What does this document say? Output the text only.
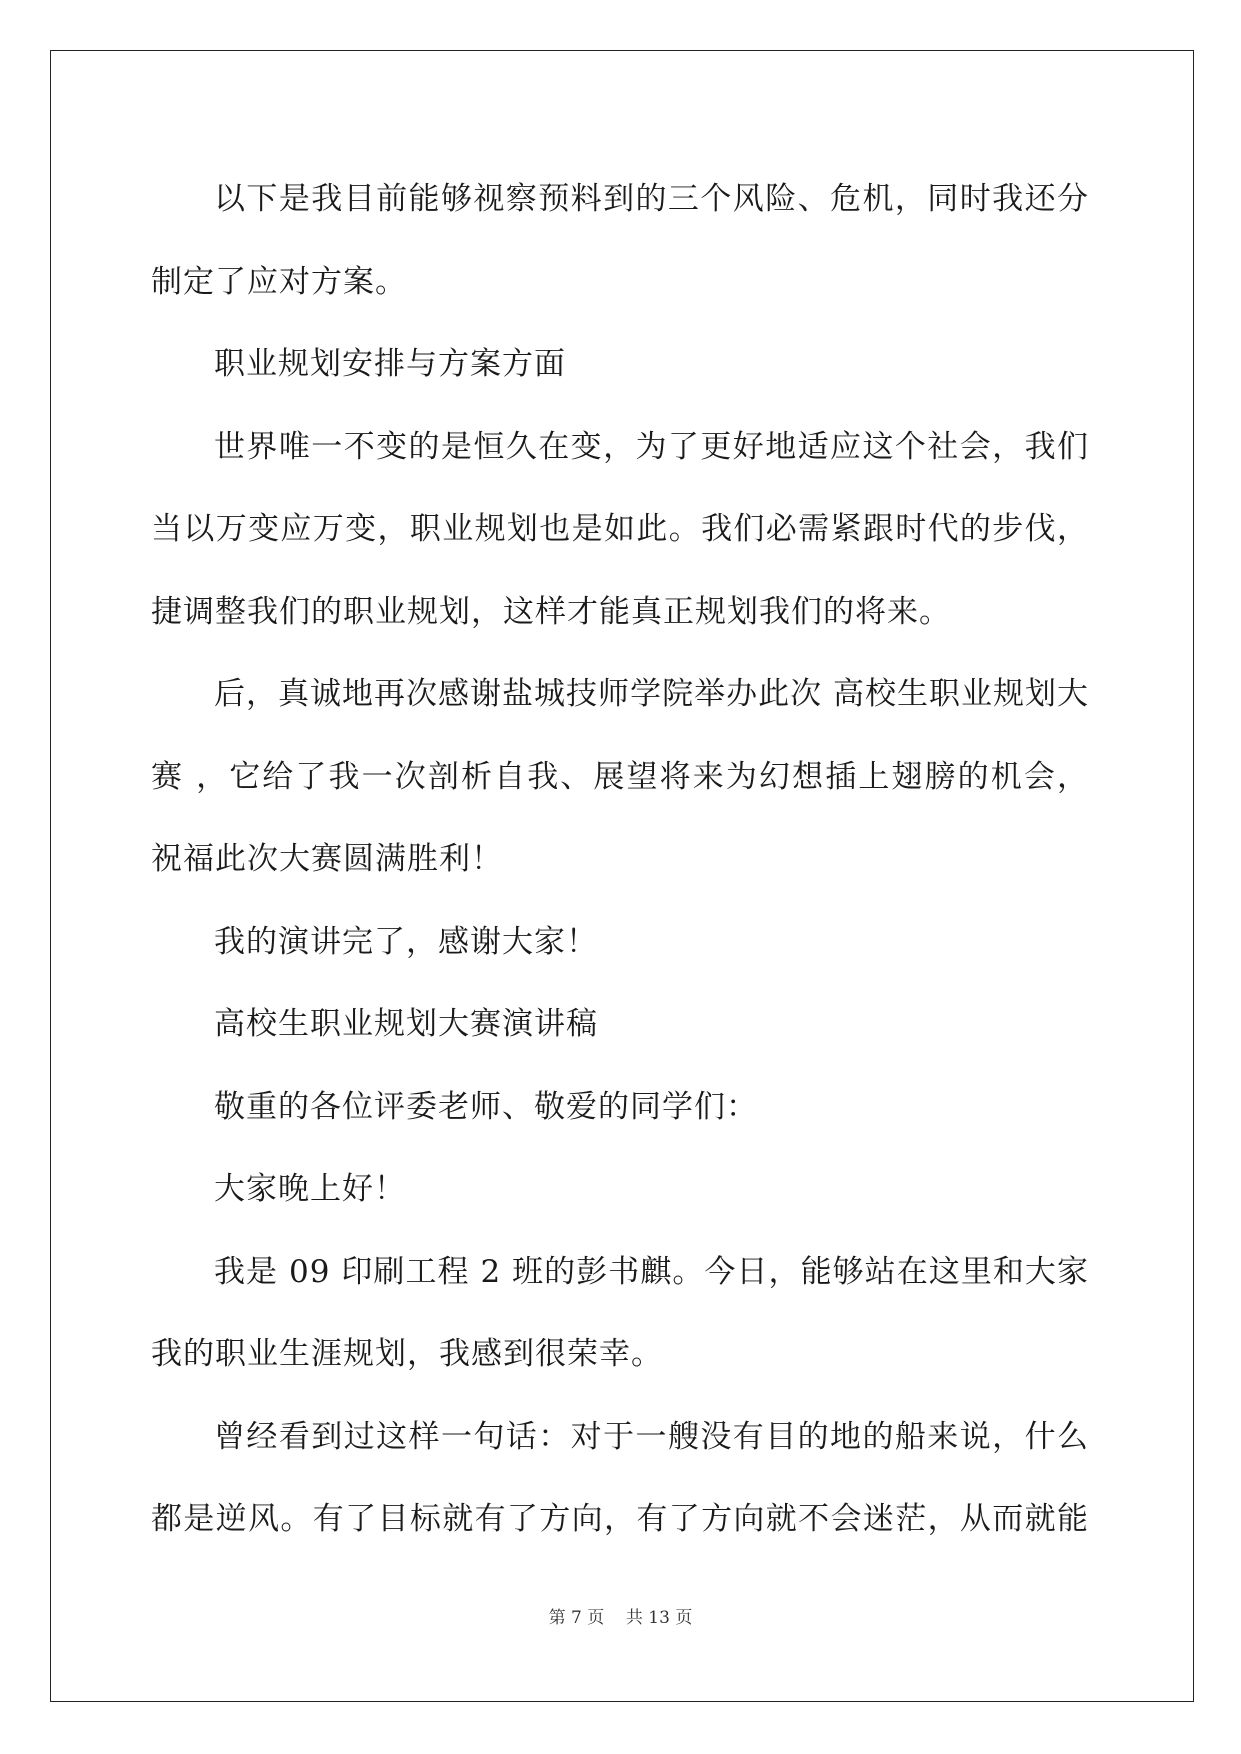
以下是我目前能够视察预料到的三个风险、危机，同时我还分
制定了应对方案。
职业规划安排与方案方面
世界唯一不变的是恒久在变，为了更好地适应这个社会，我们
当以万变应万变，职业规划也是如此。我们必需紧跟时代的步伐，
捷调整我们的职业规划，这样才能真正规划我们的将来。
后，真诚地再次感谢盐城技师学院举办此次 高校生职业规划大
赛 ，它给了我一次剖析自我、展望将来为幻想插上翅膀的机会，
祝福此次大赛圆满胜利！
我的演讲完了，感谢大家！
高校生职业规划大赛演讲稿
敬重的各位评委老师、敬爱的同学们：
大家晚上好！
我是 09 印刷工程 2 班的彭书麒。今日，能够站在这里和大家
我的职业生涯规划，我感到很荣幸。
曾经看到过这样一句话：对于一艘没有目的地的船来说，什么
都是逆风。有了目标就有了方向，有了方向就不会迷茫，从而就能
第 7 页 共 13 页
